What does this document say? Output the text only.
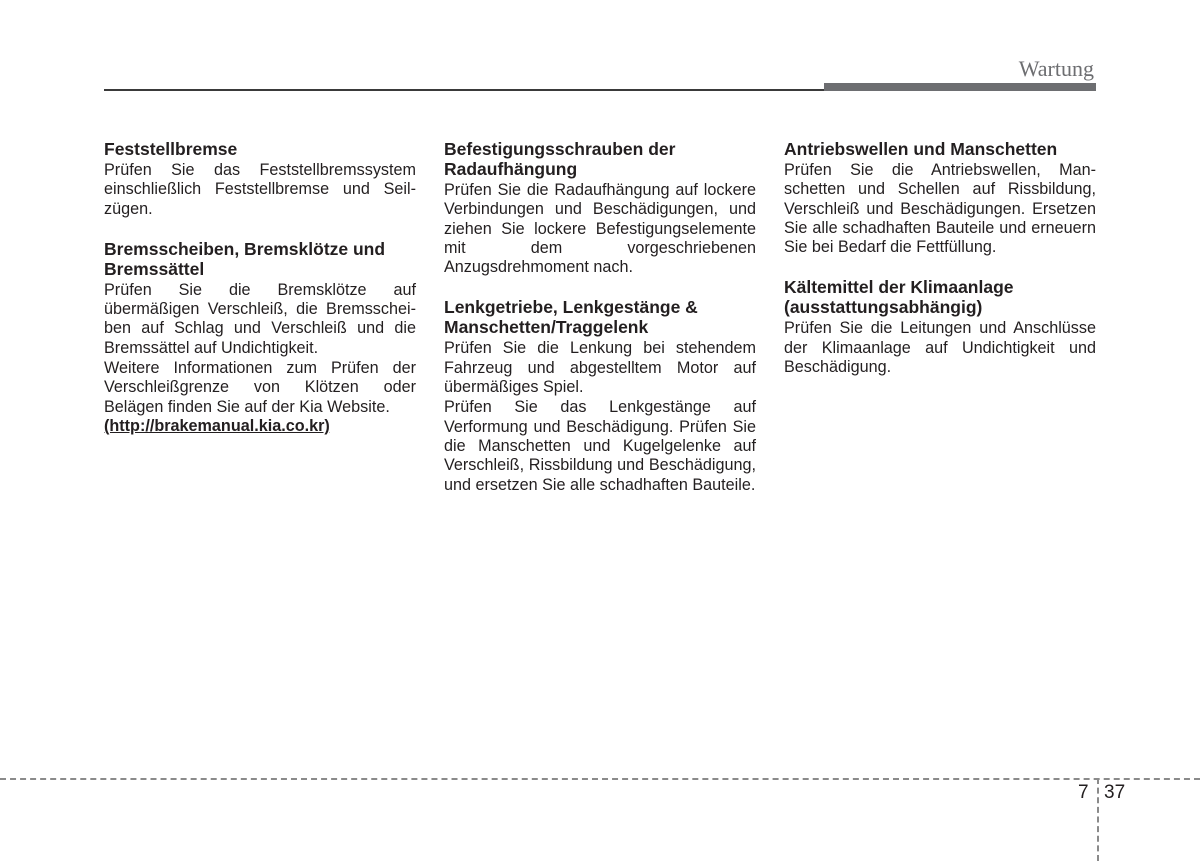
Wartung
Feststellbremse

Prüfen Sie das Feststellbremssystem einschließlich Feststellbremse und Seilzügen.

Bremsscheiben, Bremsklötze und Bremssättel

Prüfen Sie die Bremsklötze auf übermäßigen Verschleiß, die Bremsscheiben auf Schlag und Verschleiß und die Bremssättel auf Undichtigkeit.

Weitere Informationen zum Prüfen der Verschleißgrenze von Klötzen oder Belägen finden Sie auf der Kia Website.

(http://brakemanual.kia.co.kr)
Befestigungsschrauben der Radaufhängung

Prüfen Sie die Radaufhängung auf lockere Verbindungen und Beschädigungen, und ziehen Sie lockere Befestigungselemente mit dem vorgeschriebenen Anzugsdrehmoment nach.

Lenkgetriebe, Lenkgestänge & Manschetten/Traggelenk

Prüfen Sie die Lenkung bei stehendem Fahrzeug und abgestelltem Motor auf übermäßiges Spiel.

Prüfen Sie das Lenkgestänge auf Verformung und Beschädigung. Prüfen Sie die Manschetten und Kugelgelenke auf Verschleiß, Rissbildung und Beschädigung, und ersetzen Sie alle schadhaften Bauteile.

Antriebswellen und Manschetten

Prüfen Sie die Antriebswellen, Manschetten und Schellen auf Rissbildung, Verschleiß und Beschädigungen. Ersetzen Sie alle schadhaften Bauteile und erneuern Sie bei Bedarf die Fettfüllung.

Kältemittel der Klimaanlage (ausstattungsabhängig)

Prüfen Sie die Leitungen und Anschlüsse der Klimaanlage auf Undichtigkeit und Beschädigung.

7 37
